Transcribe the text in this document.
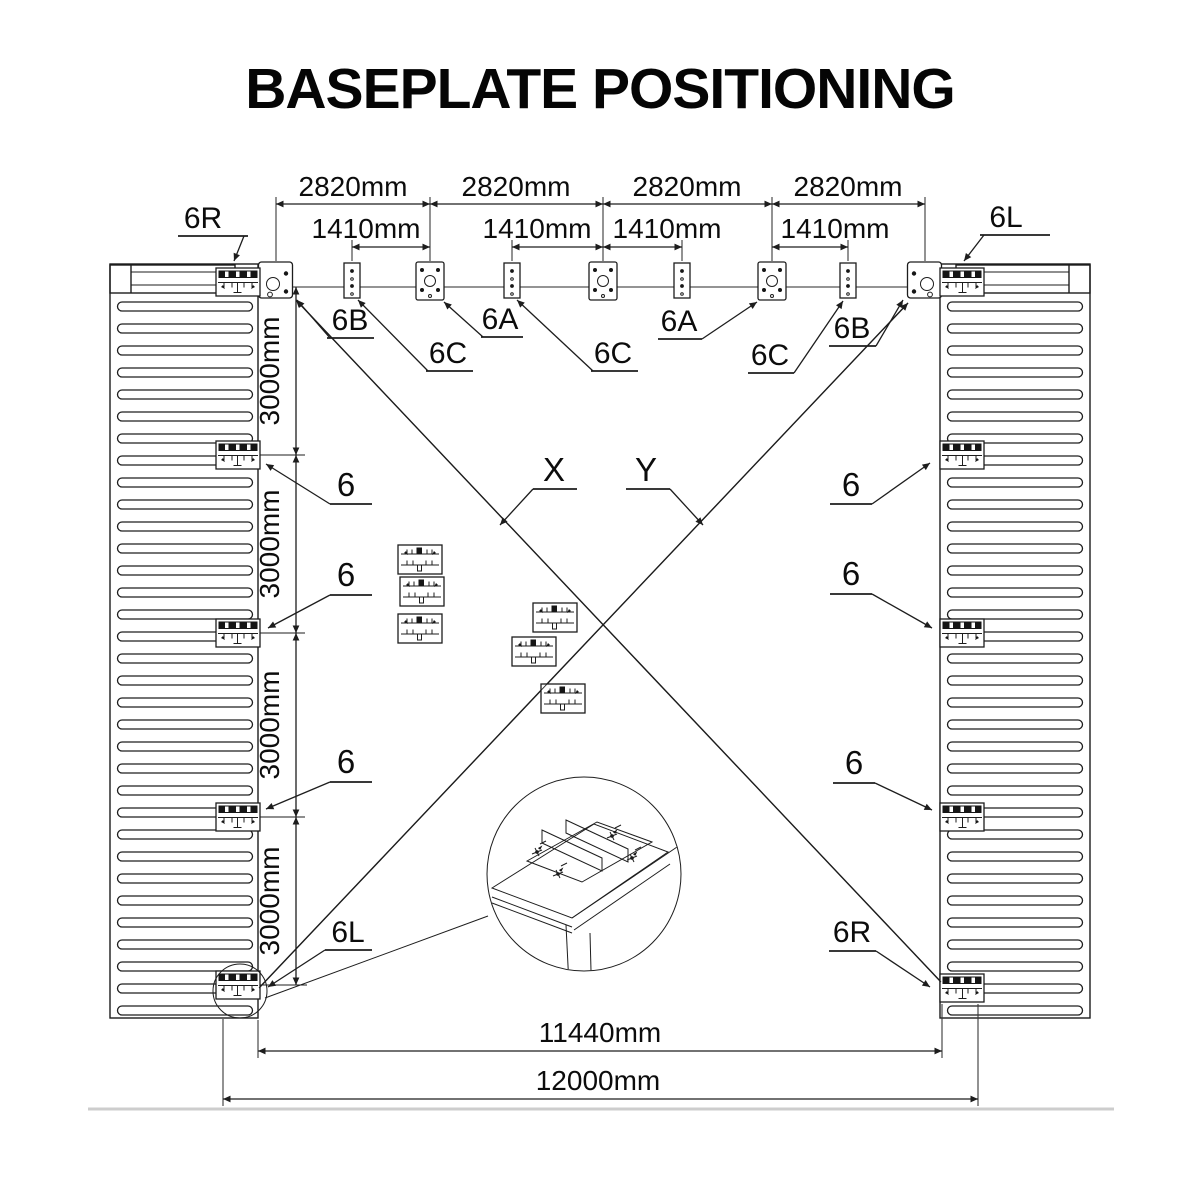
BASEPLATE POSITIONING
2820mm 2820mm 2820mm 2820mm
1410mm 1410mm 1410mm 1410mm
3000mm
3000mm
3000mm
3000mm
6R	6L
6B
6C
6A
6C
6A
6C
6B
6
6
6
6
6
6
X Y
6L	6R
11440mm
12000mm
